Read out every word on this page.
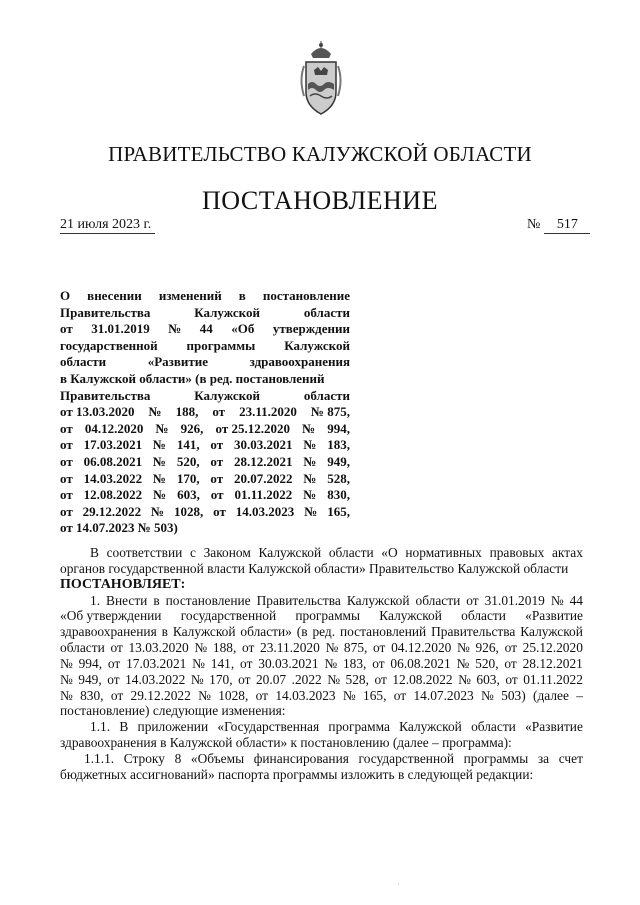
ПРАВИТЕЛЬСТВО КАЛУЖСКОЙ ОБЛАСТИ
ПОСТАНОВЛЕНИЕ
21 июля 2023 г.	№ 517
О внесении изменений в постановление
Правительства	Калужской	области
от 31.01.2019 № 44 «Об утверждении
государственной программы Калужской
области	«Развитие	здравоохранения
в Калужской области» (в ред. постановлений
Правительства	Калужской	области
от 13.03.2020 № 188, от 23.11.2020 № 875,
от 04.12.2020 № 926, от 25.12.2020 № 994,
от 17.03.2021 № 141, от 30.03.2021 № 183,
от 06.08.2021 № 520, от 28.12.2021 № 949,
от 14.03.2022 № 170, от 20.07.2022 № 528,
от 12.08.2022 № 603, от 01.11.2022 № 830,
от 29.12.2022 № 1028, от 14.03.2023 № 165,
от 14.07.2023 № 503)
В соответствии с Законом Калужской области «О нормативных правовых актах
органов государственной власти Калужской области» Правительство Калужской области
ПОСТАНОВЛЯЕТ:
1. Внести в постановление Правительства Калужской области от 31.01.2019 № 44
«Об утверждении государственной программы Калужской области «Развитие
здравоохранения в Калужской области» (в ред. постановлений Правительства Калужской
области от 13.03.2020 № 188, от 23.11.2020 № 875, от 04.12.2020 № 926, от 25.12.2020
№ 994, от 17.03.2021 № 141, от 30.03.2021 № 183, от 06.08.2021 № 520, от 28.12.2021
№ 949, от 14.03.2022 № 170, от 20.07 .2022 № 528, от 12.08.2022 № 603, от 01.11.2022
№ 830, от 29.12.2022 № 1028, от 14.03.2023 № 165, от 14.07.2023 № 503) (далее –
постановление) следующие изменения:
1.1. В приложении «Государственная программа Калужской области «Развитие
здравоохранения в Калужской области» к постановлению (далее – программа):
1.1.1. Строку 8 «Объемы финансирования государственной программы за счет
бюджетных ассигнований» паспорта программы изложить в следующей редакции:
